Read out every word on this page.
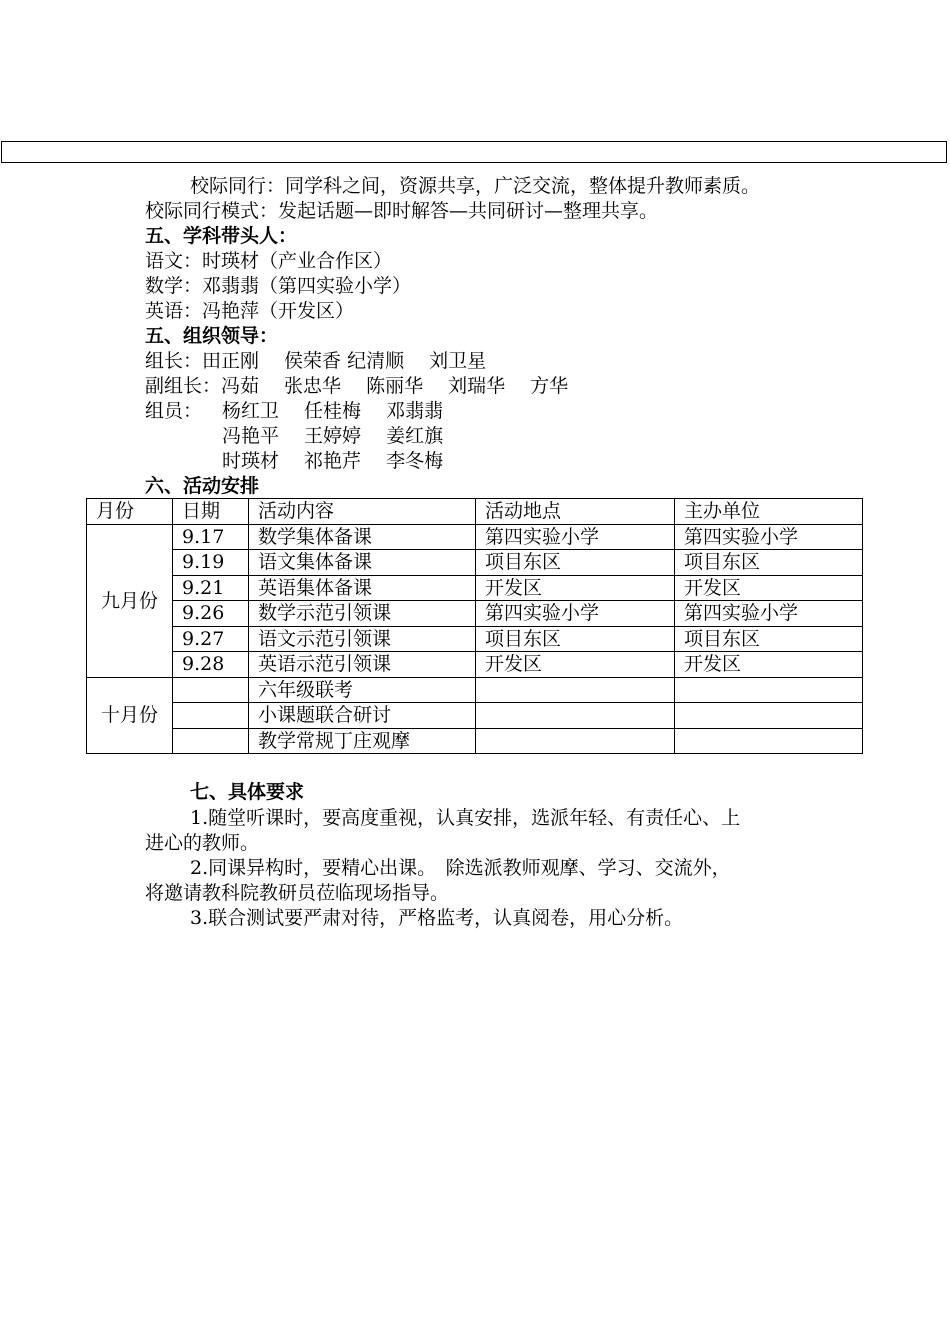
校际同行：同学科之间，资源共享，广泛交流，整体提升教师素质。
校际同行模式：发起话题—即时解答—共同研讨—整理共享。
五、学科带头人：
语文：时瑛材（产业合作区）
数学：邓翡翡（第四实验小学）
英语：冯艳萍（开发区）
五、组织领导：
组长：田正刚　 侯荣香 纪清顺　 刘卫星
副组长：冯茹　 张忠华　 陈丽华　 刘瑞华　 方华
组员： 杨红卫　 任桂梅　 邓翡翡
冯艳平　 王婷婷　 姜红旗
时瑛材　 祁艳芹　 李冬梅
六、活动安排
月份	日期	活动内容	活动地点	主办单位
九月份	9.17	数学集体备课	第四实验小学	第四实验小学
	9.19	语文集体备课	项目东区	项目东区
	9.21	英语集体备课	开发区	开发区
	9.26	数学示范引领课	第四实验小学	第四实验小学
	9.27	语文示范引领课	项目东区	项目东区
	9.28	英语示范引领课	开发区	开发区
十月份		六年级联考		
		小课题联合研讨		
		教学常规丁庄观摩		
七、具体要求
1.随堂听课时，要高度重视，认真安排，选派年轻、有责任心、上
进心的教师。
2.同课异构时，要精心出课。　除选派教师观摩、学习、交流外，
将邀请教科院教研员莅临现场指导。
3.联合测试要严肃对待，严格监考，认真阅卷，用心分析。
